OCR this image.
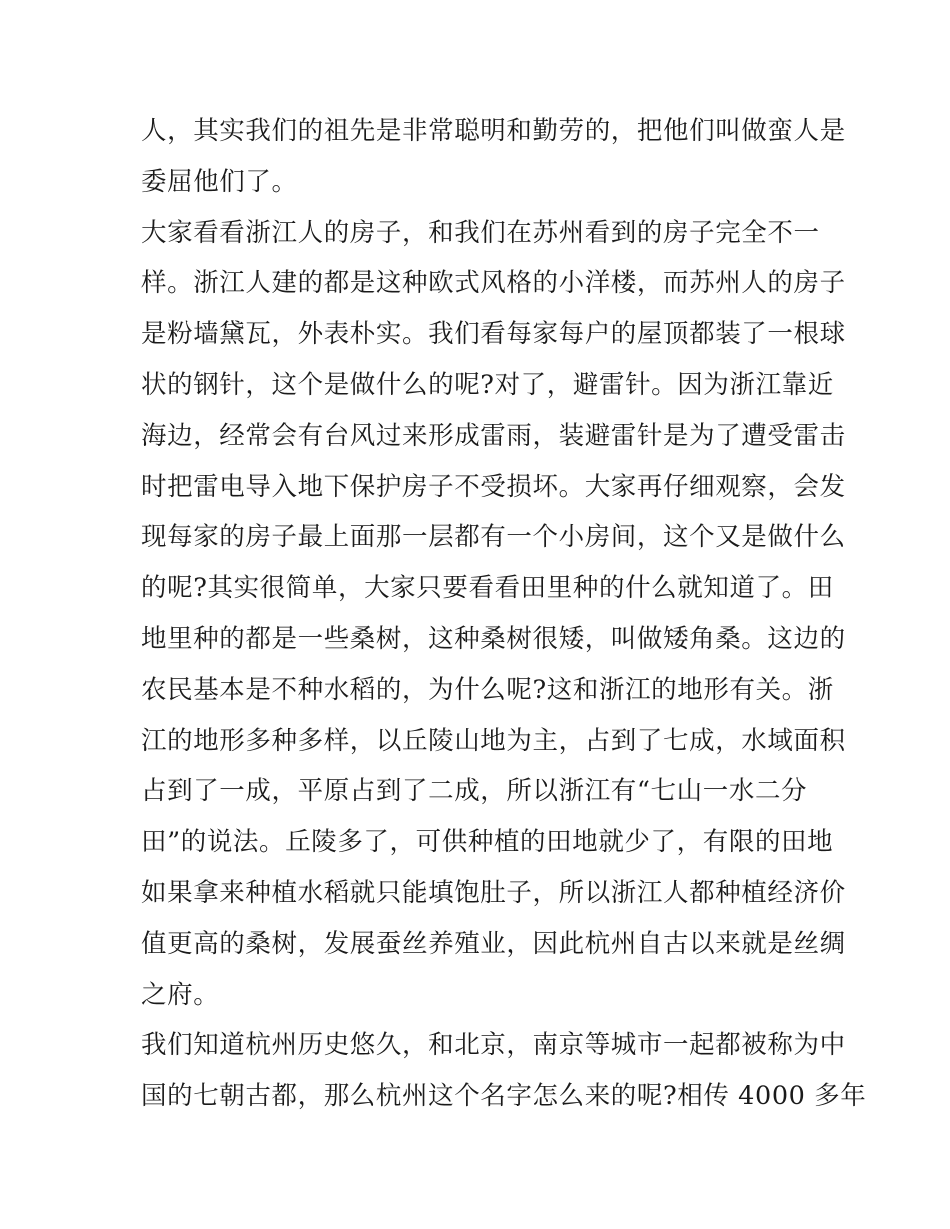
人，其实我们的祖先是非常聪明和勤劳的，把他们叫做蛮人是
委屈他们了。
大家看看浙江人的房子，和我们在苏州看到的房子完全不一
样。浙江人建的都是这种欧式风格的小洋楼，而苏州人的房子
是粉墙黛瓦，外表朴实。我们看每家每户的屋顶都装了一根球
状的钢针，这个是做什么的呢?对了，避雷针。因为浙江靠近
海边，经常会有台风过来形成雷雨，装避雷针是为了遭受雷击
时把雷电导入地下保护房子不受损坏。大家再仔细观察，会发
现每家的房子最上面那一层都有一个小房间，这个又是做什么
的呢?其实很简单，大家只要看看田里种的什么就知道了。田
地里种的都是一些桑树，这种桑树很矮，叫做矮角桑。这边的
农民基本是不种水稻的，为什么呢?这和浙江的地形有关。浙
江的地形多种多样，以丘陵山地为主，占到了七成，水域面积
占到了一成，平原占到了二成，所以浙江有“七山一水二分
田”的说法。丘陵多了，可供种植的田地就少了，有限的田地
如果拿来种植水稻就只能填饱肚子，所以浙江人都种植经济价
值更高的桑树，发展蚕丝养殖业，因此杭州自古以来就是丝绸
之府。
我们知道杭州历史悠久，和北京，南京等城市一起都被称为中
国的七朝古都，那么杭州这个名字怎么来的呢?相传 4000 多年
